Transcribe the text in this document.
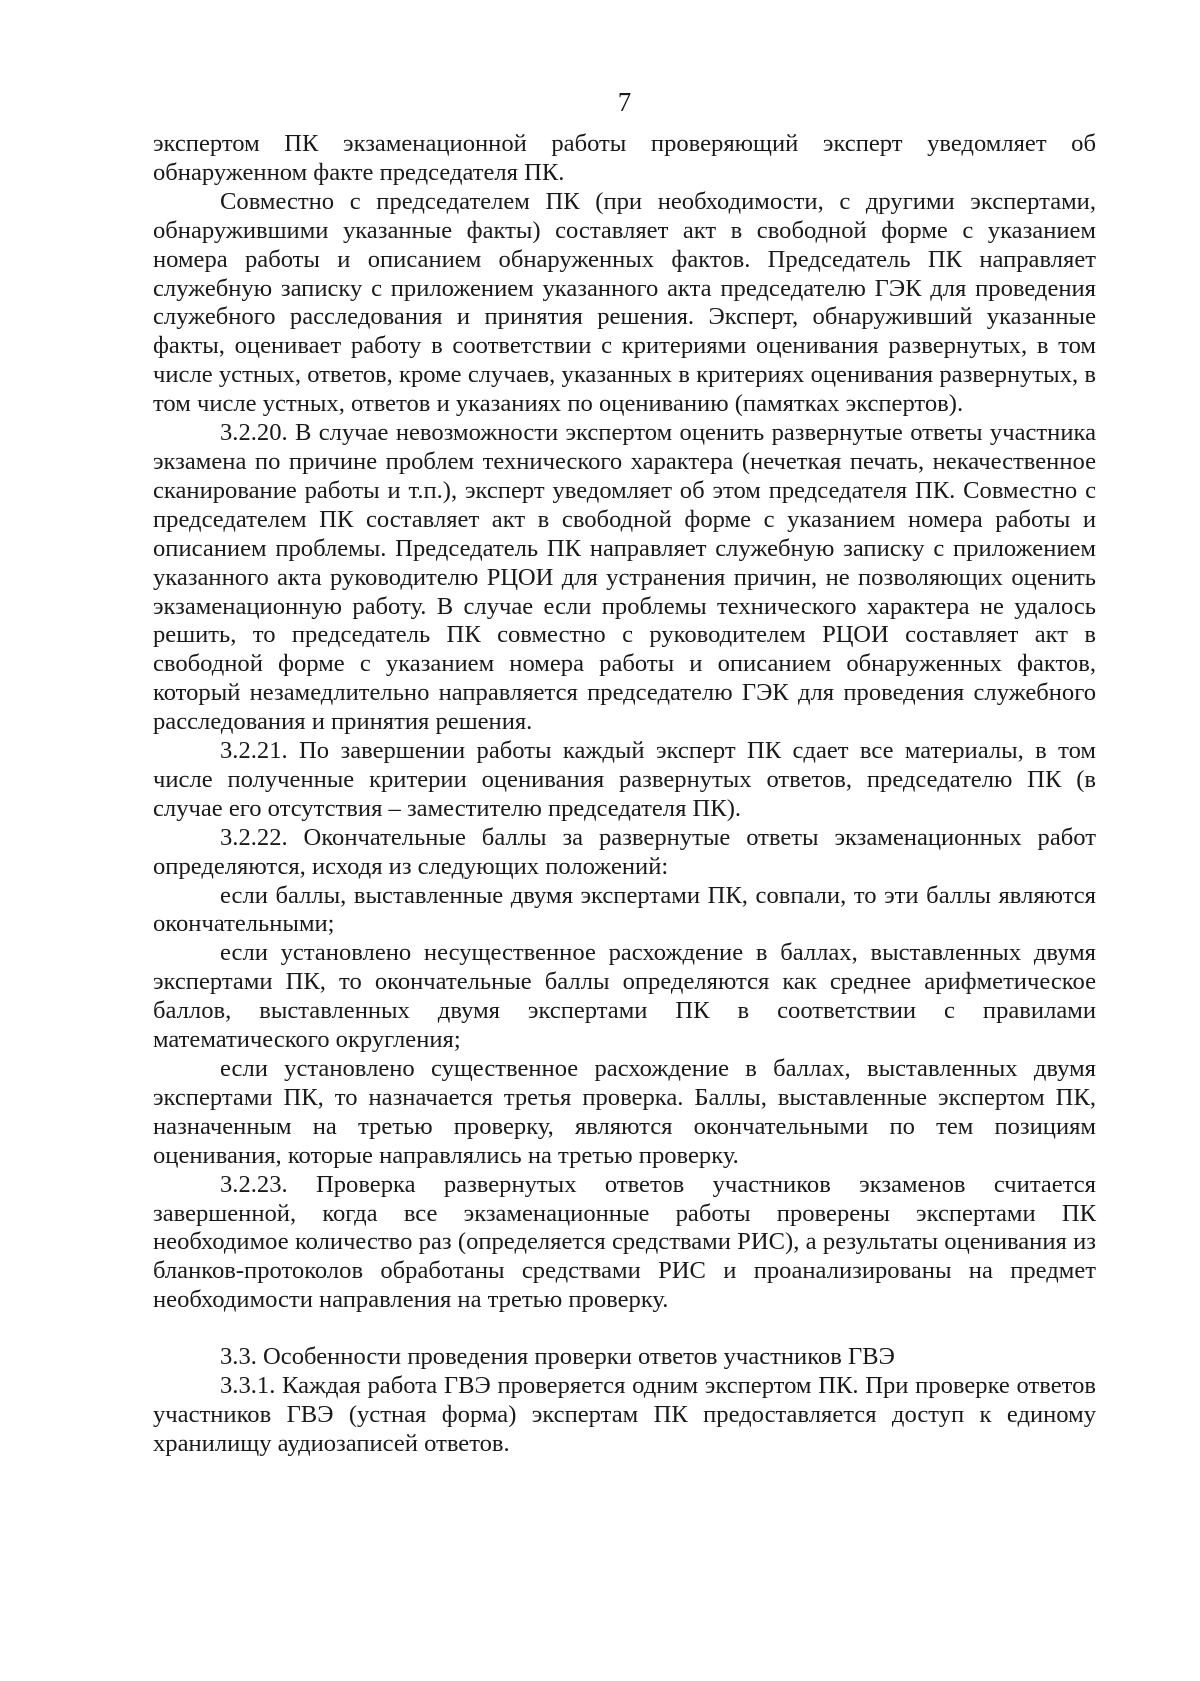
7

экспертом ПК экзаменационной работы проверяющий эксперт уведомляет об обнаруженном факте председателя ПК.

Совместно с председателем ПК (при необходимости, с другими экспертами, обнаружившими указанные факты) составляет акт в свободной форме с указанием номера работы и описанием обнаруженных фактов. Председатель ПК направляет служебную записку с приложением указанного акта председателю ГЭК для проведения служебного расследования и принятия решения. Эксперт, обнаруживший указанные факты, оценивает работу в соответствии с критериями оценивания развернутых, в том числе устных, ответов, кроме случаев, указанных в критериях оценивания развернутых, в том числе устных, ответов и указаниях по оцениванию (памятках экспертов).

3.2.20. В случае невозможности экспертом оценить развернутые ответы участника экзамена по причине проблем технического характера (нечеткая печать, некачественное сканирование работы и т.п.), эксперт уведомляет об этом председателя ПК. Совместно с председателем ПК составляет акт в свободной форме с указанием номера работы и описанием проблемы. Председатель ПК направляет служебную записку с приложением указанного акта руководителю РЦОИ для устранения причин, не позволяющих оценить экзаменационную работу. В случае если проблемы технического характера не удалось решить, то председатель ПК совместно с руководителем РЦОИ составляет акт в свободной форме с указанием номера работы и описанием обнаруженных фактов, который незамедлительно направляется председателю ГЭК для проведения служебного расследования и принятия решения.

3.2.21. По завершении работы каждый эксперт ПК сдает все материалы, в том числе полученные критерии оценивания развернутых ответов, председателю ПК (в случае его отсутствия – заместителю председателя ПК).

3.2.22. Окончательные баллы за развернутые ответы экзаменационных работ определяются, исходя из следующих положений:

если баллы, выставленные двумя экспертами ПК, совпали, то эти баллы являются окончательными;

если установлено несущественное расхождение в баллах, выставленных двумя экспертами ПК, то окончательные баллы определяются как среднее арифметическое баллов, выставленных двумя экспертами ПК в соответствии с правилами математического округления;

если установлено существенное расхождение в баллах, выставленных двумя экспертами ПК, то назначается третья проверка. Баллы, выставленные экспертом ПК, назначенным на третью проверку, являются окончательными по тем позициям оценивания, которые направлялись на третью проверку.

3.2.23. Проверка развернутых ответов участников экзаменов считается завершенной, когда все экзаменационные работы проверены экспертами ПК необходимое количество раз (определяется средствами РИС), а результаты оценивания из бланков-протоколов обработаны средствами РИС и проанализированы на предмет необходимости направления на третью проверку.

3.3. Особенности проведения проверки ответов участников ГВЭ

3.3.1. Каждая работа ГВЭ проверяется одним экспертом ПК. При проверке ответов участников ГВЭ (устная форма) экспертам ПК предоставляется доступ к единому хранилищу аудиозаписей ответов.
